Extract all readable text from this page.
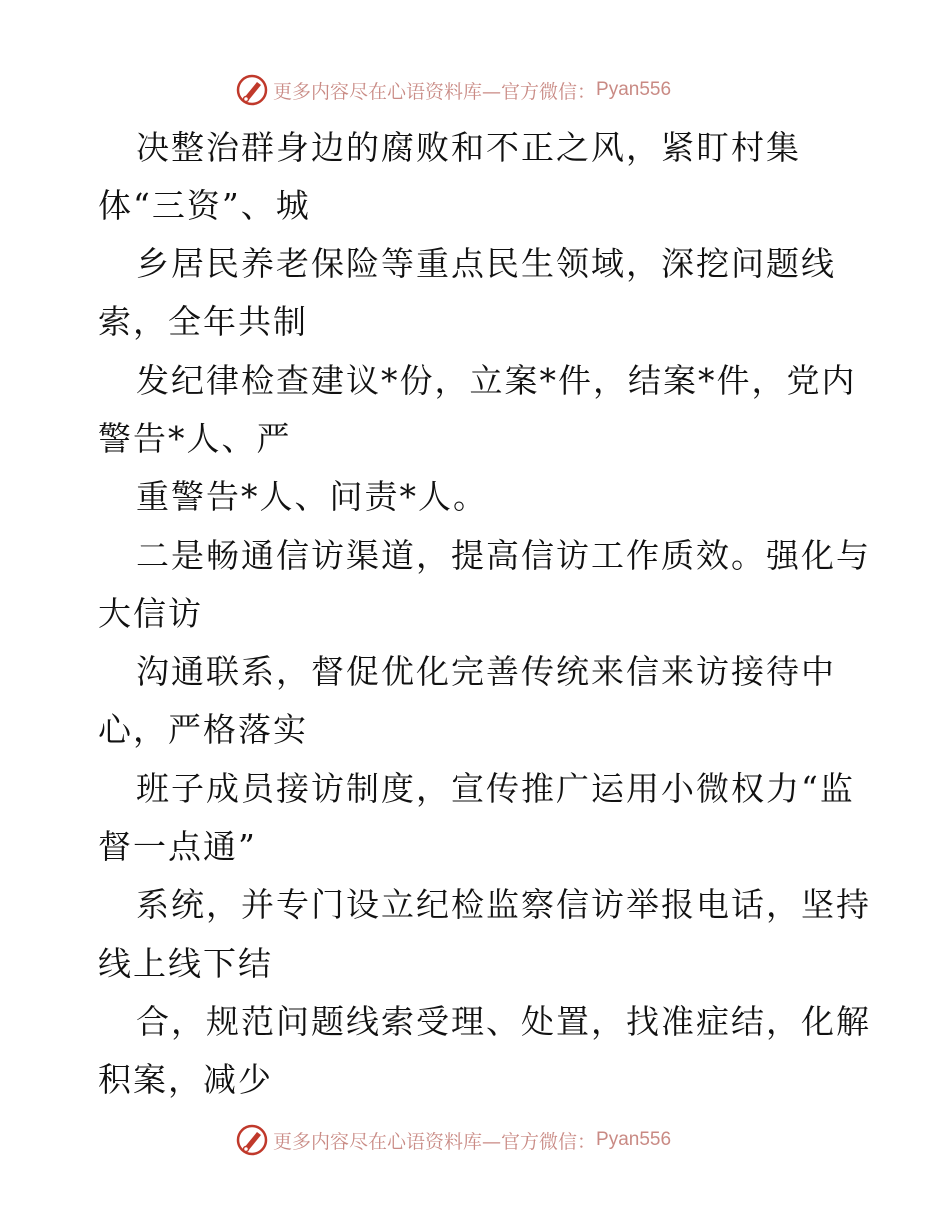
更多内容尽在心语资料库—官方微信： Pyan556
决整治群身边的腐败和不正之风，紧盯村集
体“三资”、城
乡居民养老保险等重点民生领域，深挖问题线
索，全年共制
发纪律检查建议*份，立案*件，结案*件，党内
警告*人、严
重警告*人、问责*人。
二是畅通信访渠道，提高信访工作质效。强化与
大信访
沟通联系，督促优化完善传统来信来访接待中
心，严格落实
班子成员接访制度，宣传推广运用小微权力“监
督一点通”
系统，并专门设立纪检监察信访举报电话，坚持
线上线下结
合，规范问题线索受理、处置，找准症结，化解
积案，减少
更多内容尽在心语资料库—官方微信： Pyan556
